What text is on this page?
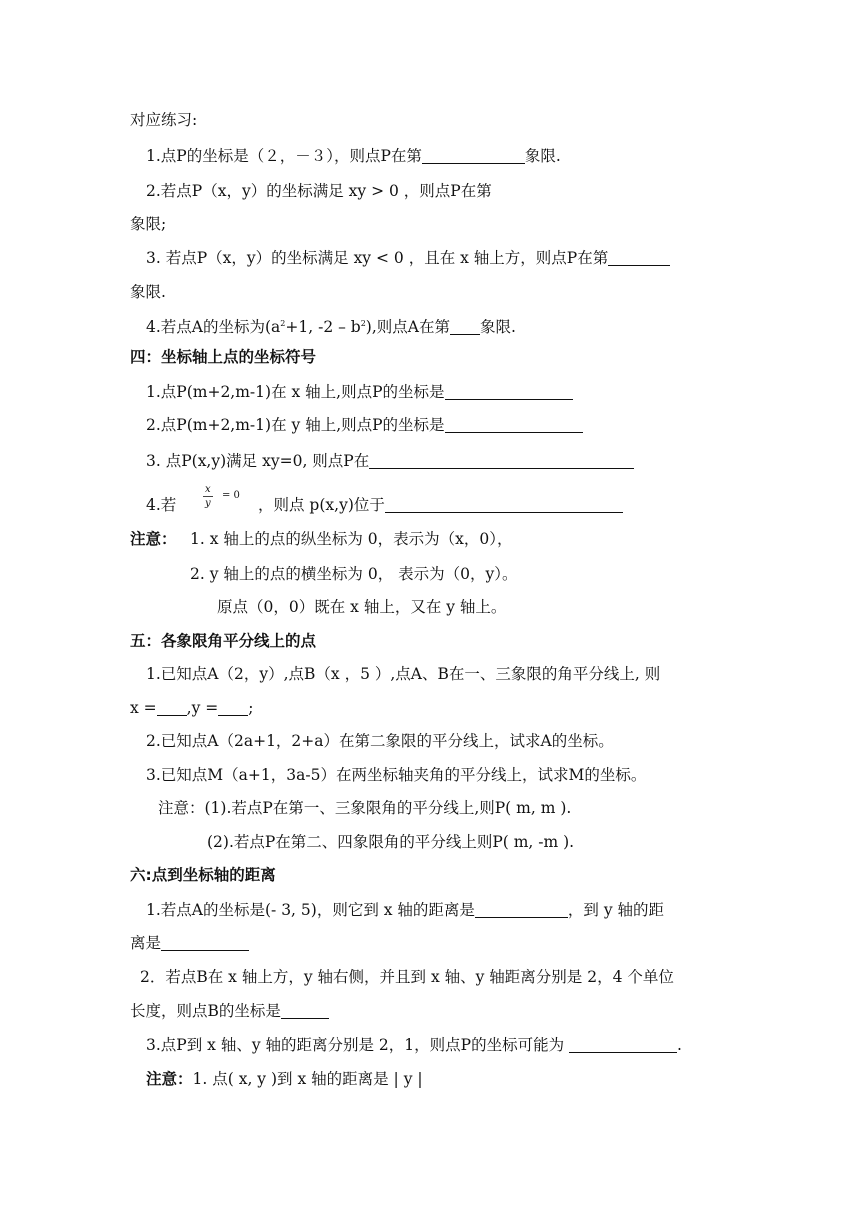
对应练习:
1.点P的坐标是（２，－３），则点P在第	象限.
2.若点P（x，y）的坐标满足 xy > 0 ，则点P在第
象限;
3. 若点P（x，y）的坐标满足 xy < 0 ，且在 x 轴上方，则点P在第
象限.
4.若点A的坐标为($a^2+1$, $-2 - b^2$),则点A在第 象限.
四：坐标轴上点的坐标符号
1.点P(m+2,m-1)在 x 轴上,则点P的坐标是
2.点P(m+2,m-1)在 y 轴上,则点P的坐标是
3. 点P(x,y)满足 xy=0, 则点P在
4.若
x
y
= 0
，则点 p(x,y)位于
注意： 1. x 轴上的点的纵坐标为 0，表示为（x，0），
2. y 轴上的点的横坐标为 0， 表示为（0，y）。
原点（0，0）既在 x 轴上，又在 y 轴上。
五：各象限角平分线上的点
1.已知点A（2，y）,点B（x ，5 ）,点A、B在一、三象限的角平分线上, 则
x = ,y = ;
2.已知点A（2a+1，2+a）在第二象限的平分线上，试求A的坐标。
3.已知点M（a+1，3a-5）在两坐标轴夹角的平分线上，试求M的坐标。
注意：(1).若点P在第一、三象限角的平分线上,则P( m, m ).
(2).若点P在第二、四象限角的平分线上则P( m, -m ).
六:点到坐标轴的距离
1.若点A的坐标是(- 3, 5)，则它到 x 轴的距离是	，到 y 轴的距
离是
2．若点B在 x 轴上方，y 轴右侧，并且到 x 轴、y 轴距离分别是 2，4 个单位
长度，则点B的坐标是
3.点P到 x 轴、y 轴的距离分别是 2，1，则点P的坐标可能为	.
注意：1. 点( x, y )到 x 轴的距离是 | y |
